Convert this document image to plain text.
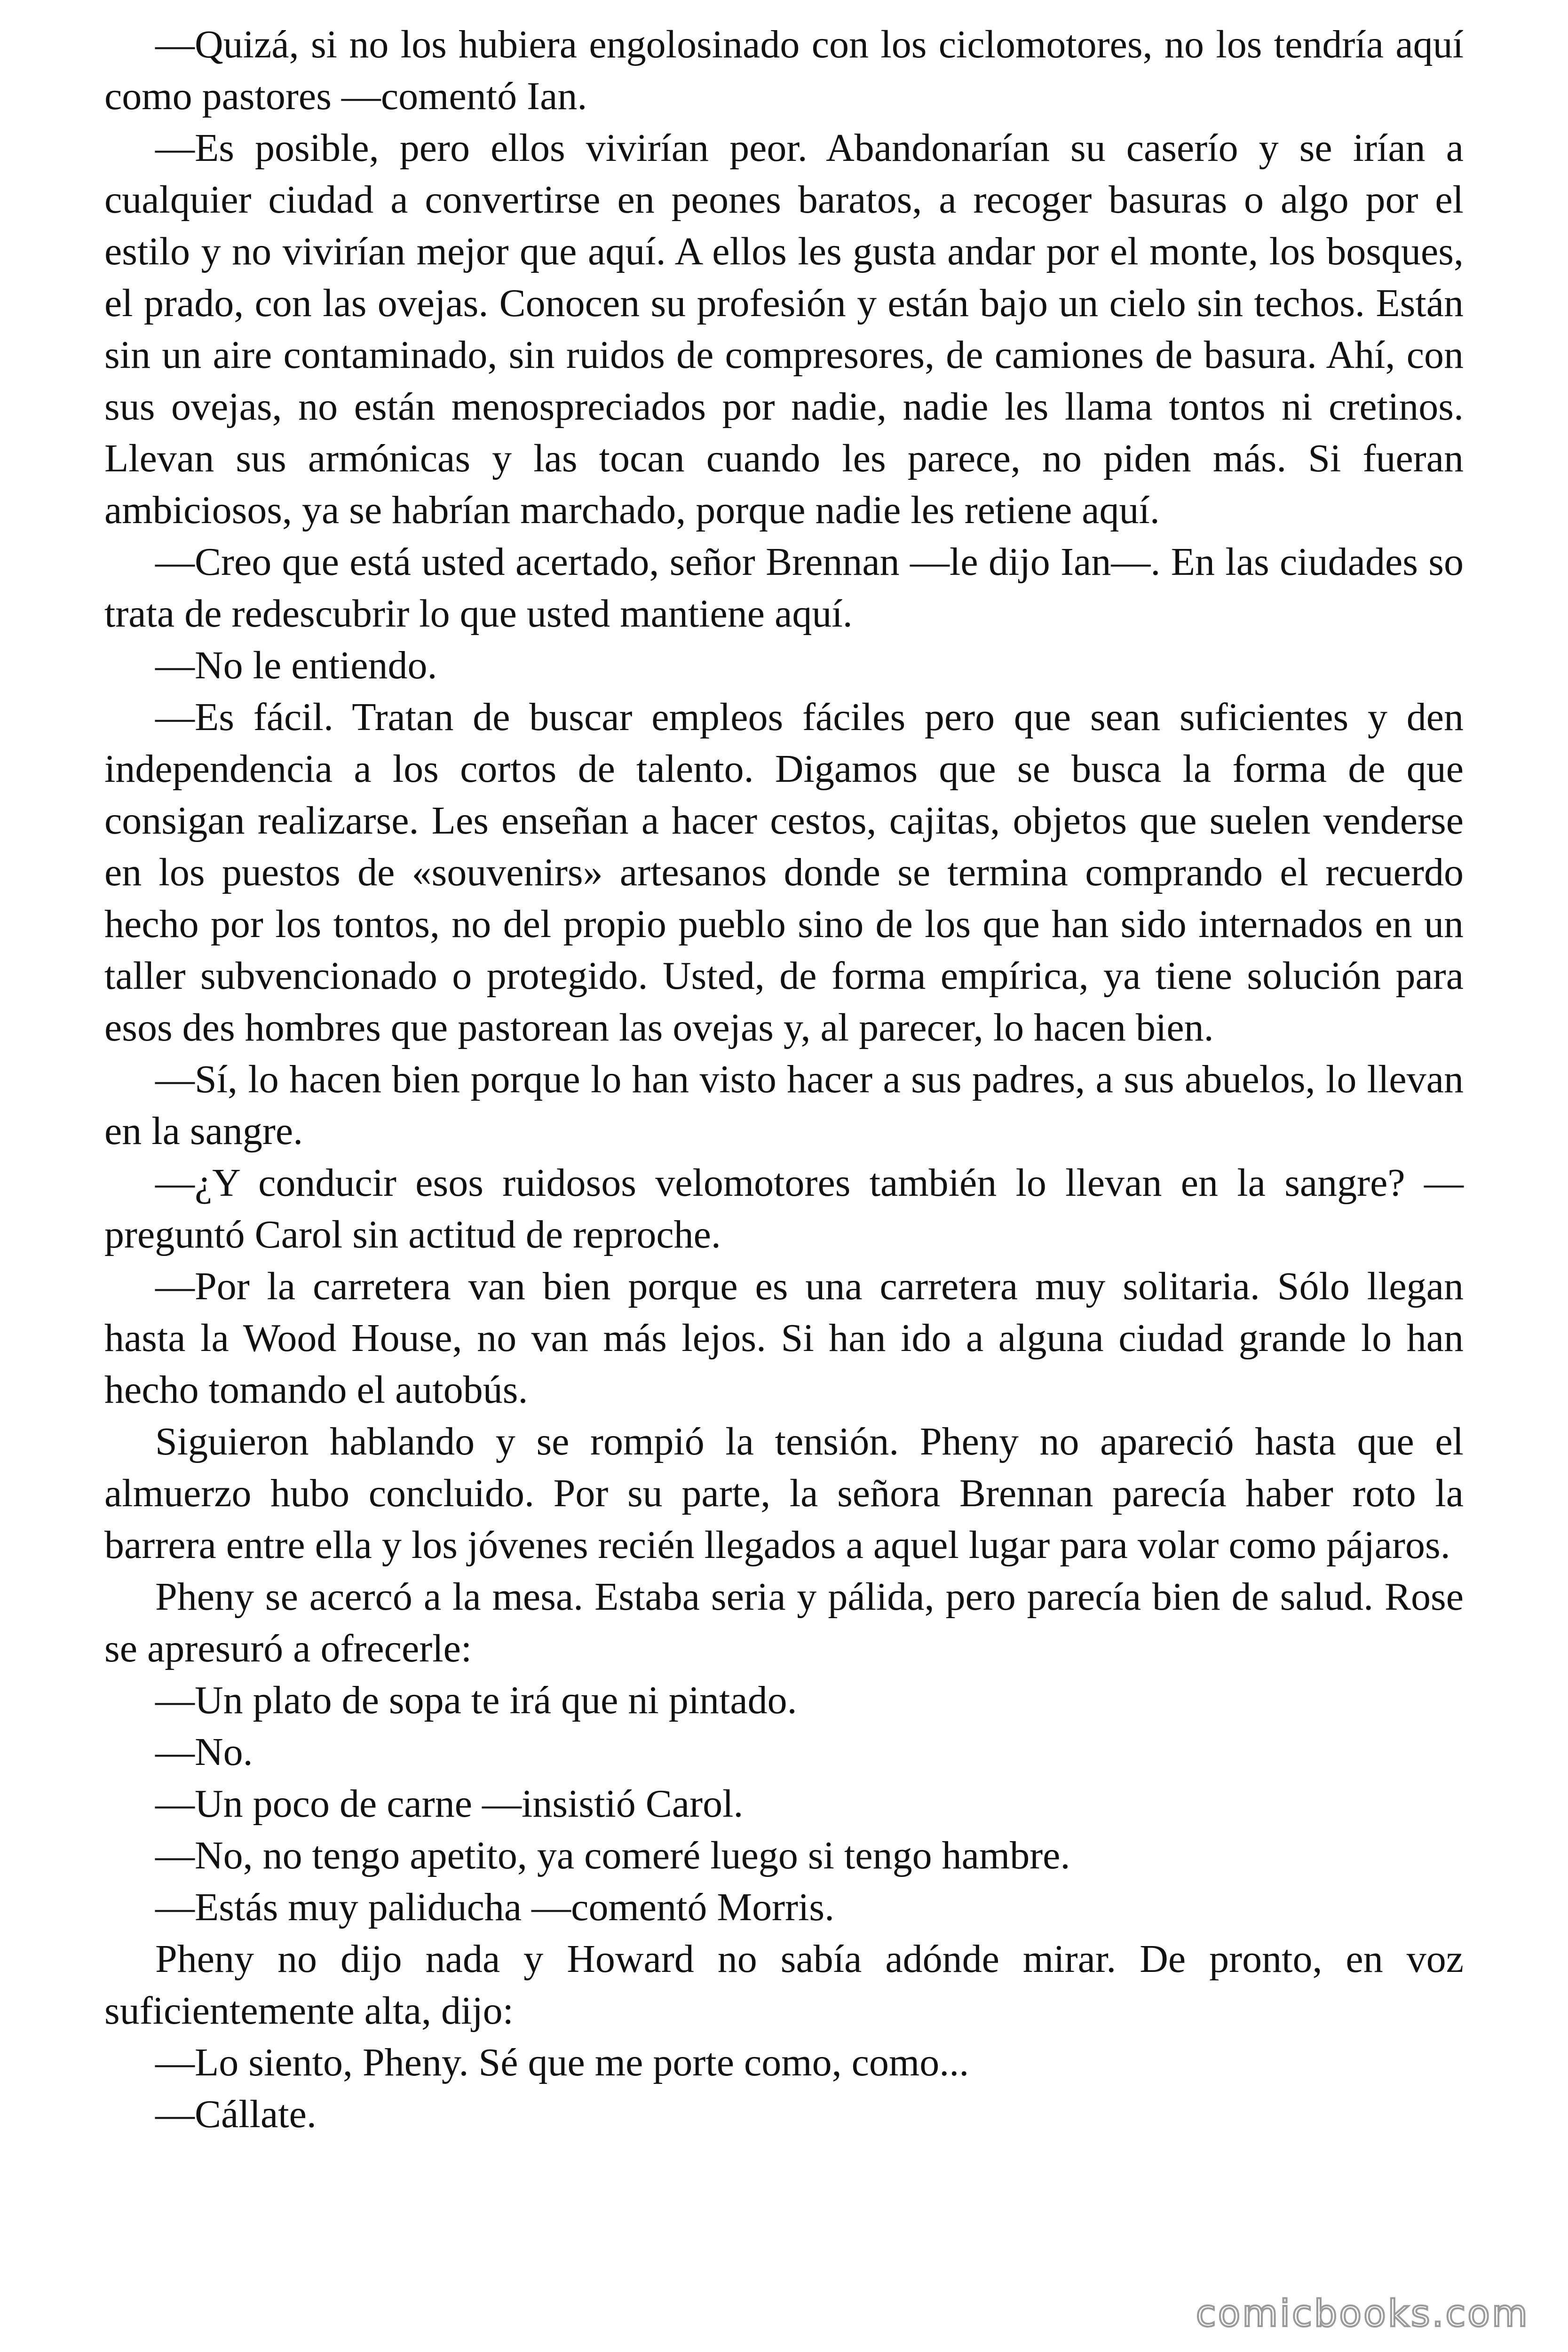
—Quizá, si no los hubiera engolosinado con los ciclomotores, no los tendría aquí como pastores —comentó Ian.

—Es posible, pero ellos vivirían peor. Abandonarían su caserío y se irían a cualquier ciudad a convertirse en peones baratos, a recoger basuras o algo por el estilo y no vivirían mejor que aquí. A ellos les gusta andar por el monte, los bosques, el prado, con las ovejas. Conocen su profesión y están bajo un cielo sin techos. Están sin un aire contaminado, sin ruidos de compresores, de camiones de basura. Ahí, con sus ovejas, no están menospreciados por nadie, nadie les llama tontos ni cretinos. Llevan sus armónicas y las tocan cuando les parece, no piden más. Si fueran ambiciosos, ya se habrían marchado, porque nadie les retiene aquí.

—Creo que está usted acertado, señor Brennan —le dijo Ian—. En las ciudades so trata de redescubrir lo que usted mantiene aquí.

—No le entiendo.

—Es fácil. Tratan de buscar empleos fáciles pero que sean suficientes y den independencia a los cortos de talento. Digamos que se busca la forma de que consigan realizarse. Les enseñan a hacer cestos, cajitas, objetos que suelen venderse en los puestos de «souvenirs» artesanos donde se termina comprando el recuerdo hecho por los tontos, no del propio pueblo sino de los que han sido internados en un taller subvencionado o protegido. Usted, de forma empírica, ya tiene solución para esos des hombres que pastorean las ovejas y, al parecer, lo hacen bien.

—Sí, lo hacen bien porque lo han visto hacer a sus padres, a sus abuelos, lo llevan en la sangre.

—¿Y conducir esos ruidosos velomotores también lo llevan en la sangre? —preguntó Carol sin actitud de reproche.

—Por la carretera van bien porque es una carretera muy solitaria. Sólo llegan hasta la Wood House, no van más lejos. Si han ido a alguna ciudad grande lo han hecho tomando el autobús.

Siguieron hablando y se rompió la tensión. Pheny no apareció hasta que el almuerzo hubo concluido. Por su parte, la señora Brennan parecía haber roto la barrera entre ella y los jóvenes recién llegados a aquel lugar para volar como pájaros.

Pheny se acercó a la mesa. Estaba seria y pálida, pero parecía bien de salud. Rose se apresuró a ofrecerle:

—Un plato de sopa te irá que ni pintado.

—No.

—Un poco de carne —insistió Carol.

—No, no tengo apetito, ya comeré luego si tengo hambre.

—Estás muy paliducha —comentó Morris.

Pheny no dijo nada y Howard no sabía adónde mirar. De pronto, en voz suficientemente alta, dijo:

—Lo siento, Pheny. Sé que me porte como, como...

—Cállate.

comicbooks.com
